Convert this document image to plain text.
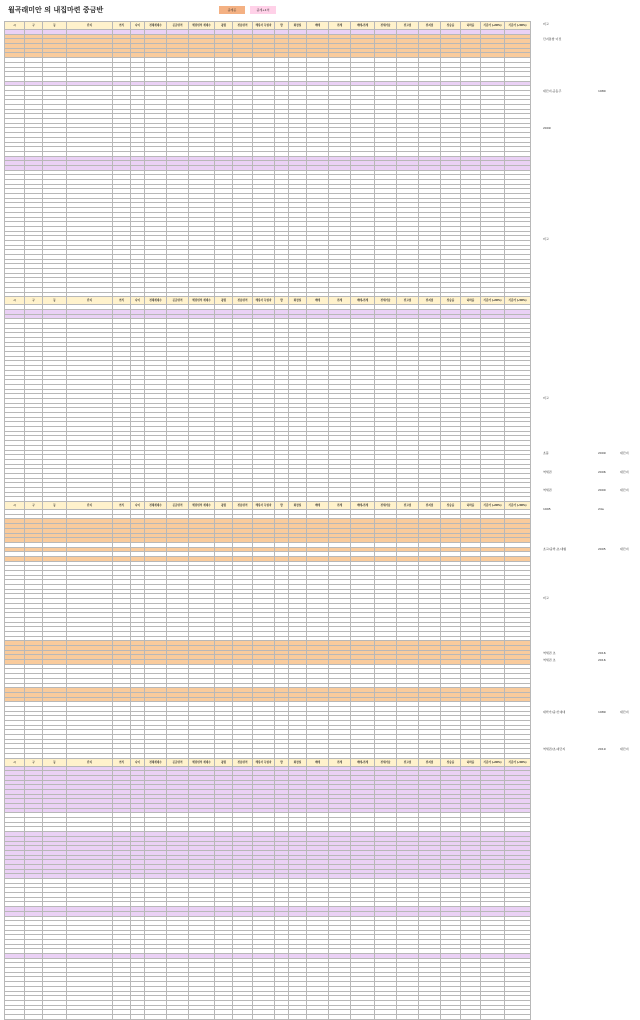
월곡래미안 의 내집마련 중금반	중개공	중개+1억
시	구	동	단지	연식	나이	전체세대수	공급면적	해당면적 세대수	평형	전용면적	해당사 독립자	방	화장실	매매	전세	매매-전세	전세가율	전고점	전저점	상승률	하락률	기준가 (-20%)	기준가 (-30%)

시	구	동	단지	연식	나이	전체세대수	공급면적	해당면적 세대수	평형	전용면적	해당사 독립자	방	화장실	매매	전세	매매-전세	전세가율	전고점	전저점	상승률	하락률	기준가 (-20%)	기준가 (-30%)

시	구	동	단지	연식	나이	전체세대수	공급면적	해당면적 세대수	평형	전용면적	해당사 독립자	방	화장실	매매	전세	매매-전세	전세가율	전고점	전저점	상승률	하락률	기준가 (-20%)	기준가 (-30%)

시	구	동	단지	연식	나이	전체세대수	공급면적	해당면적 세대수	평형	전용면적	해당사 독립자	방	화장실	매매	전세	매매-전세	전세가율	전고점	전저점	상승률	하락률	기준가 (-20%)	기준가 (-30%)

비고
단지통합 이전
대단지,공동주	1980
2009
비고
비고
초품	2009	대단지
역세권	2006	대단지
역세권	2000	대단지
1995	24a
초교/중학,초,대형	2005	대단지
비고
역세권 초	2016
역세권 초	2016
대학가/중,인대대	1989	대단지
역세권/초,대단지	2019	대단지
